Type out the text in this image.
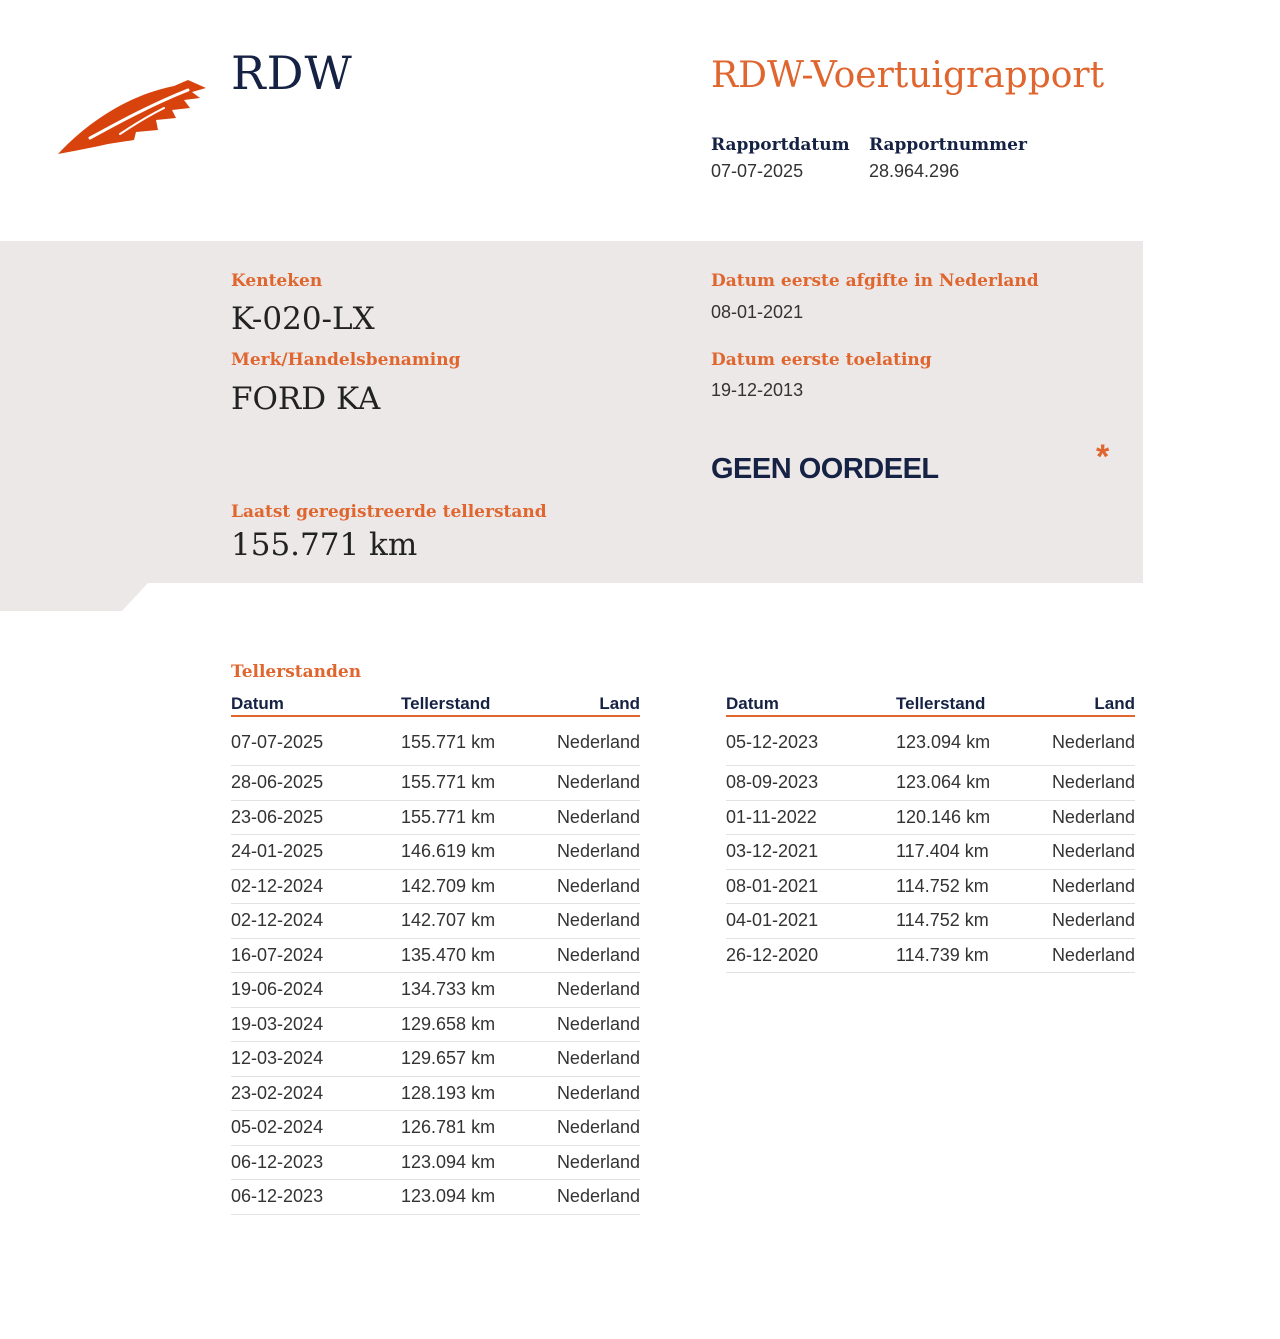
RDW	RDW-Voertuigrapport
Rapportdatum
07-07-2025
Rapportnummer
28.964.296
Kenteken
K-020-LX
Merk/Handelsbenaming
FORD KA
Datum eerste afgifte in Nederland
08-01-2021
Datum eerste toelating
19-12-2013
GEEN OORDEEL	*
Laatst geregistreerde tellerstand
155.771 km
Tellerstanden
Datum	Tellerstand	Land
07-07-2025	155.771 km	Nederland
28-06-2025	155.771 km	Nederland
23-06-2025	155.771 km	Nederland
24-01-2025	146.619 km	Nederland
02-12-2024	142.709 km	Nederland
02-12-2024	142.707 km	Nederland
16-07-2024	135.470 km	Nederland
19-06-2024	134.733 km	Nederland
19-03-2024	129.658 km	Nederland
12-03-2024	129.657 km	Nederland
23-02-2024	128.193 km	Nederland
05-02-2024	126.781 km	Nederland
06-12-2023	123.094 km	Nederland
06-12-2023	123.094 km	Nederland
Datum	Tellerstand	Land
05-12-2023	123.094 km	Nederland
08-09-2023	123.064 km	Nederland
01-11-2022	120.146 km	Nederland
03-12-2021	117.404 km	Nederland
08-01-2021	114.752 km	Nederland
04-01-2021	114.752 km	Nederland
26-12-2020	114.739 km	Nederland
